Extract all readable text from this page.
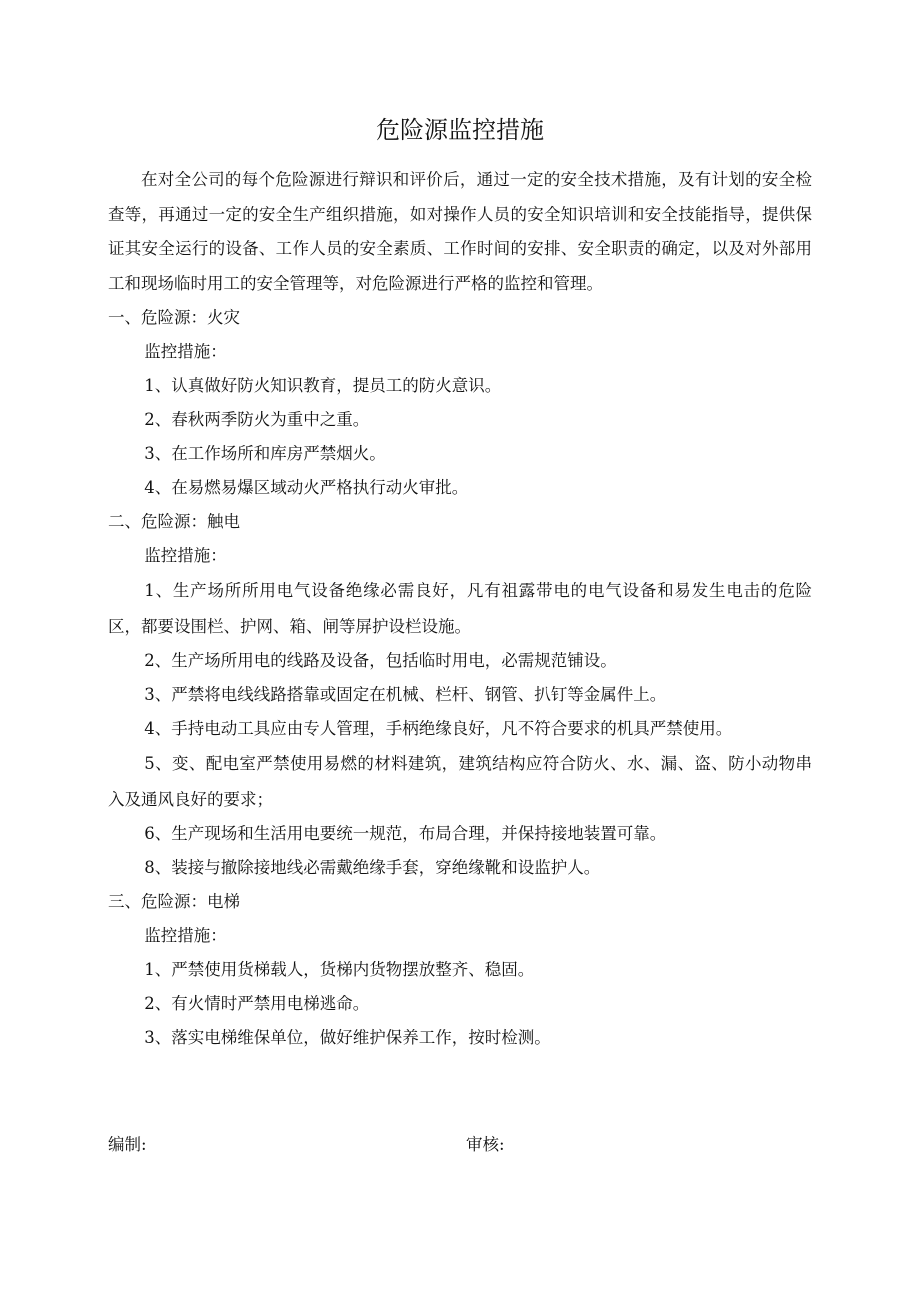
危险源监控措施

在对全公司的每个危险源进行辩识和评价后，通过一定的安全技术措施，及有计划的安全检查等，再通过一定的安全生产组织措施，如对操作人员的安全知识培训和安全技能指导，提供保证其安全运行的设备、工作人员的安全素质、工作时间的安排、安全职责的确定，以及对外部用工和现场临时用工的安全管理等，对危险源进行严格的监控和管理。

一、危险源：火灾

监控措施：

1、认真做好防火知识教育，提员工的防火意识。

2、春秋两季防火为重中之重。

3、在工作场所和库房严禁烟火。

4、在易燃易爆区域动火严格执行动火审批。

二、危险源：触电

监控措施：

1、生产场所所用电气设备绝缘必需良好，凡有祖露带电的电气设备和易发生电击的危险区，都要设围栏、护网、箱、闸等屏护设栏设施。

2、生产场所用电的线路及设备，包括临时用电，必需规范铺设。

3、严禁将电线线路搭靠或固定在机械、栏杆、钢管、扒钉等金属件上。

4、手持电动工具应由专人管理，手柄绝缘良好，凡不符合要求的机具严禁使用。

5、变、配电室严禁使用易燃的材料建筑，建筑结构应符合防火、水、漏、盗、防小动物串入及通风良好的要求；

6、生产现场和生活用电要统一规范，布局合理，并保持接地装置可靠。

8、装接与撤除接地线必需戴绝缘手套，穿绝缘靴和设监护人。

三、危险源：电梯

监控措施：

1、严禁使用货梯载人，货梯内货物摆放整齐、稳固。

2、有火情时严禁用电梯逃命。

3、落实电梯维保单位，做好维护保养工作，按时检测。

编制:	审核:
